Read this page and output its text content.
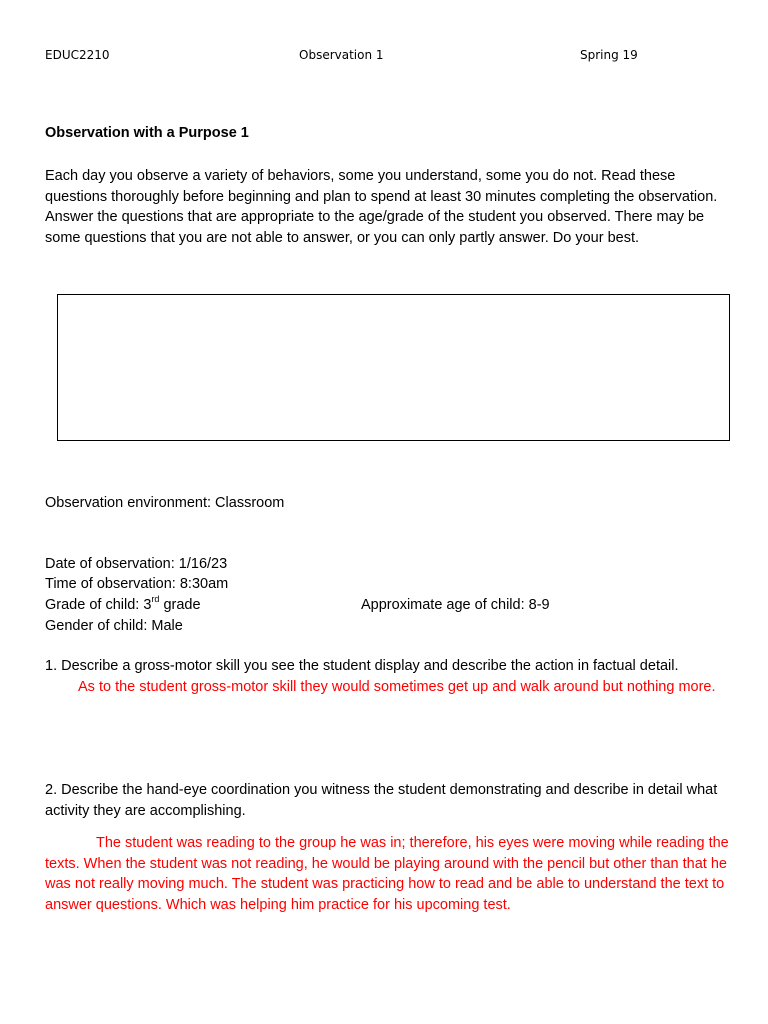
EDUC2210	Observation 1	Spring 19
Observation with a Purpose 1
Each day you observe a variety of behaviors, some you understand, some you do not. Read these questions thoroughly before beginning and plan to spend at least 30 minutes completing the observation. Answer the questions that are appropriate to the age/grade of the student you observed. There may be some questions that you are not able to answer, or you can only partly answer. Do your best.
Observation environment: Classroom
Date of observation: 1/16/23
Time of observation: 8:30am
Grade of child: 3rd grade	Approximate age of child: 8-9
Gender of child: Male
1. Describe a gross-motor skill you see the student display and describe the action in factual detail.
As to the student gross-motor skill they would sometimes get up and walk around but nothing more.
2. Describe the hand-eye coordination you witness the student demonstrating and describe in detail what activity they are accomplishing.
The student was reading to the group he was in; therefore, his eyes were moving while reading the texts. When the student was not reading, he would be playing around with the pencil but other than that he was not really moving much. The student was practicing how to read and be able to understand the text to answer questions. Which was helping him practice for his upcoming test.
